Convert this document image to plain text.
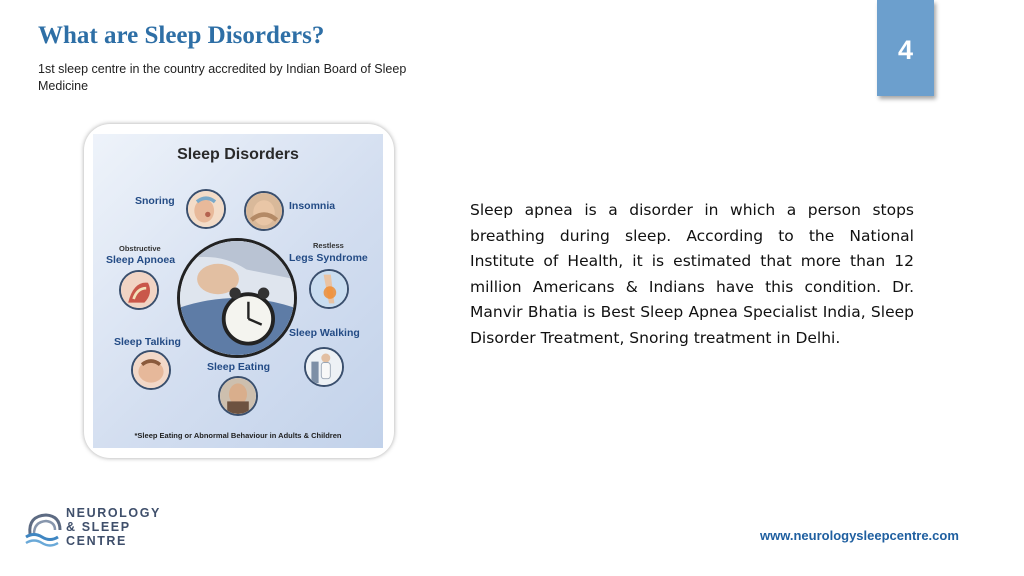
What are Sleep Disorders?
1st sleep centre in the country accredited by Indian Board of Sleep Medicine
4
Sleep Disorders
Snoring	Insomnia
Obstructive
Sleep Apnoea
Restless
Legs Syndrome
Sleep Walking
Sleep Talking
Sleep Eating
*Sleep Eating or Abnormal Behaviour in Adults & Children

Sleep apnea is a disorder in which a person stops breathing during sleep. According to the National Institute of Health, it is estimated that more than 12 million Americans & Indians have this condition. Dr. Manvir Bhatia is Best Sleep Apnea Specialist India, Sleep Disorder Treatment, Snoring treatment in Delhi.

NEUROLOGY
& SLEEP
CENTRE	www.neurologysleepcentre.com
